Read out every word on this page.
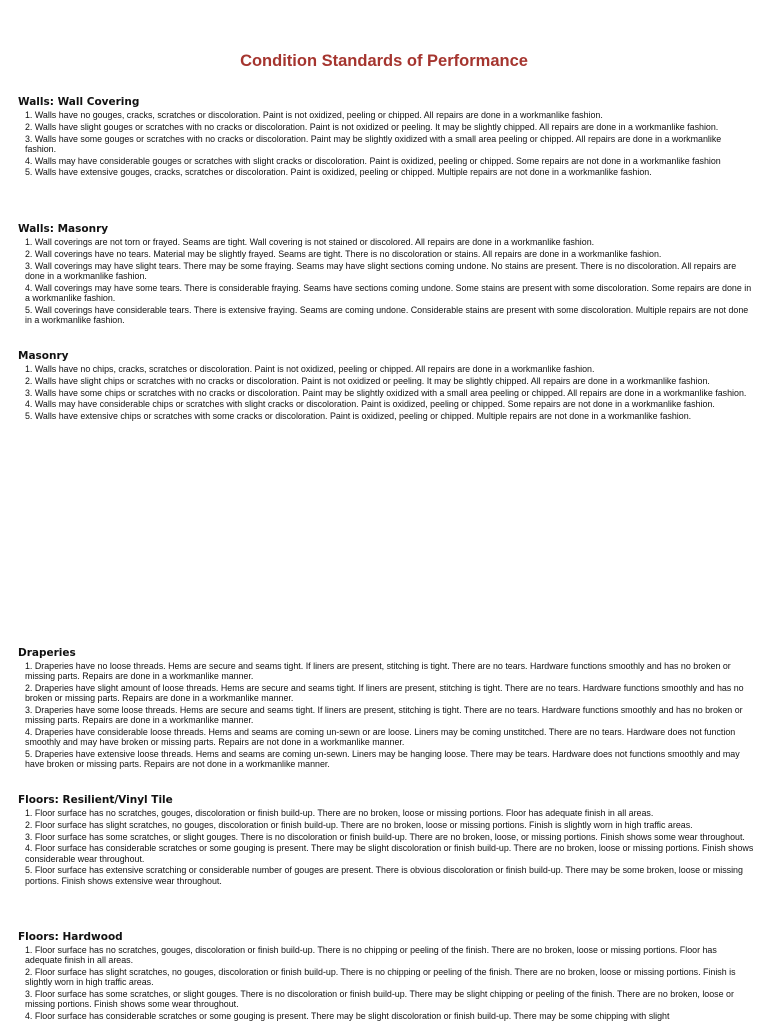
Condition Standards of Performance
Walls: Wall Covering
1. Walls have no gouges, cracks, scratches or discoloration. Paint is not oxidized, peeling or chipped. All repairs are done in a workmanlike fashion.
2. Walls have slight gouges or scratches with no cracks or discoloration. Paint is not oxidized or peeling. It may be slightly chipped. All repairs are done in a workmanlike fashion.
3. Walls have some gouges or scratches with no cracks or discoloration. Paint may be slightly oxidized with a small area peeling or chipped. All repairs are done in a workmanlike fashion.
4. Walls may have considerable gouges or scratches with slight cracks or discoloration. Paint is oxidized, peeling or chipped. Some repairs are not done in a workmanlike fashion
5. Walls have extensive gouges, cracks, scratches or discoloration. Paint is oxidized, peeling or chipped. Multiple repairs are not done in a workmanlike fashion.
Walls: Masonry
1. Wall coverings are not torn or frayed. Seams are tight. Wall covering is not stained or discolored. All repairs are done in a workmanlike fashion.
2. Wall coverings have no tears. Material may be slightly frayed. Seams are tight. There is no discoloration or stains. All repairs are done in a workmanlike fashion.
3. Wall coverings may have slight tears. There may be some fraying. Seams may have slight sections coming undone. No stains are present. There is no discoloration. All repairs are done in a workmanlike fashion.
4. Wall coverings may have some tears. There is considerable fraying. Seams have sections coming undone. Some stains are present with some discoloration. Some repairs are done in a workmanlike fashion.
5. Wall coverings have considerable tears. There is extensive fraying. Seams are coming undone. Considerable stains are present with some discoloration. Multiple repairs are not done in a workmanlike fashion.
Masonry
1. Walls have no chips, cracks, scratches or discoloration. Paint is not oxidized, peeling or chipped. All repairs are done in a workmanlike fashion.
2. Walls have slight chips or scratches with no cracks or discoloration. Paint is not oxidized or peeling. It may be slightly chipped. All repairs are done in a workmanlike fashion.
3. Walls have some chips or scratches with no cracks or discoloration. Paint may be slightly oxidized with a small area peeling or chipped. All repairs are done in a workmanlike fashion.
4. Walls may have considerable chips or scratches with slight cracks or discoloration. Paint is oxidized, peeling or chipped. Some repairs are not done in a workmanlike fashion.
5. Walls have extensive chips or scratches with some cracks or discoloration. Paint is oxidized, peeling or chipped. Multiple repairs are not done in a workmanlike fashion.
Draperies
1. Draperies have no loose threads. Hems are secure and seams tight. If liners are present, stitching is tight. There are no tears. Hardware functions smoothly and has no broken or missing parts. Repairs are done in a workmanlike manner.
2. Draperies have slight amount of loose threads. Hems are secure and seams tight. If liners are present, stitching is tight. There are no tears. Hardware functions smoothly and has no broken or missing parts. Repairs are done in a workmanlike manner.
3. Draperies have some loose threads. Hems are secure and seams tight. If liners are present, stitching is tight. There are no tears. Hardware functions smoothly and has no broken or missing parts. Repairs are done in a workmanlike manner.
4. Draperies have considerable loose threads. Hems and seams are coming un-sewn or are loose. Liners may be coming unstitched. There are no tears. Hardware does not function smoothly and may have broken or missing parts. Repairs are not done in a workmanlike manner.
5. Draperies have extensive loose threads. Hems and seams are coming un-sewn. Liners may be hanging loose. There may be tears. Hardware does not functions smoothly and may have broken or missing parts. Repairs are not done in a workmanlike manner.
Floors: Resilient/Vinyl Tile
1. Floor surface has no scratches, gouges, discoloration or finish build-up. There are no broken, loose or missing portions. Floor has adequate finish in all areas.
2. Floor surface has slight scratches, no gouges, discoloration or finish build-up. There are no broken, loose or missing portions. Finish is slightly worn in high traffic areas.
3. Floor surface has some scratches, or slight gouges. There is no discoloration or finish build-up. There are no broken, loose, or missing portions. Finish shows some wear throughout.
4. Floor surface has considerable scratches or some gouging is present. There may be slight discoloration or finish build-up. There are no broken, loose or missing portions. Finish shows considerable wear throughout.
5. Floor surface has extensive scratching or considerable number of gouges are present. There is obvious discoloration or finish build-up. There may be some broken, loose or missing portions. Finish shows extensive wear throughout.
Floors: Hardwood
1. Floor surface has no scratches, gouges, discoloration or finish build-up. There is no chipping or peeling of the finish. There are no broken, loose or missing portions. Floor has adequate finish in all areas.
2. Floor surface has slight scratches, no gouges, discoloration or finish build-up. There is no chipping or peeling of the finish. There are no broken, loose or missing portions. Finish is slightly worn in high traffic areas.
3. Floor surface has some scratches, or slight gouges. There is no discoloration or finish build-up. There may be slight chipping or peeling of the finish. There are no broken, loose or missing portions. Finish shows some wear throughout.
4. Floor surface has considerable scratches or some gouging is present. There may be slight discoloration or finish build-up. There may be some chipping with slight
